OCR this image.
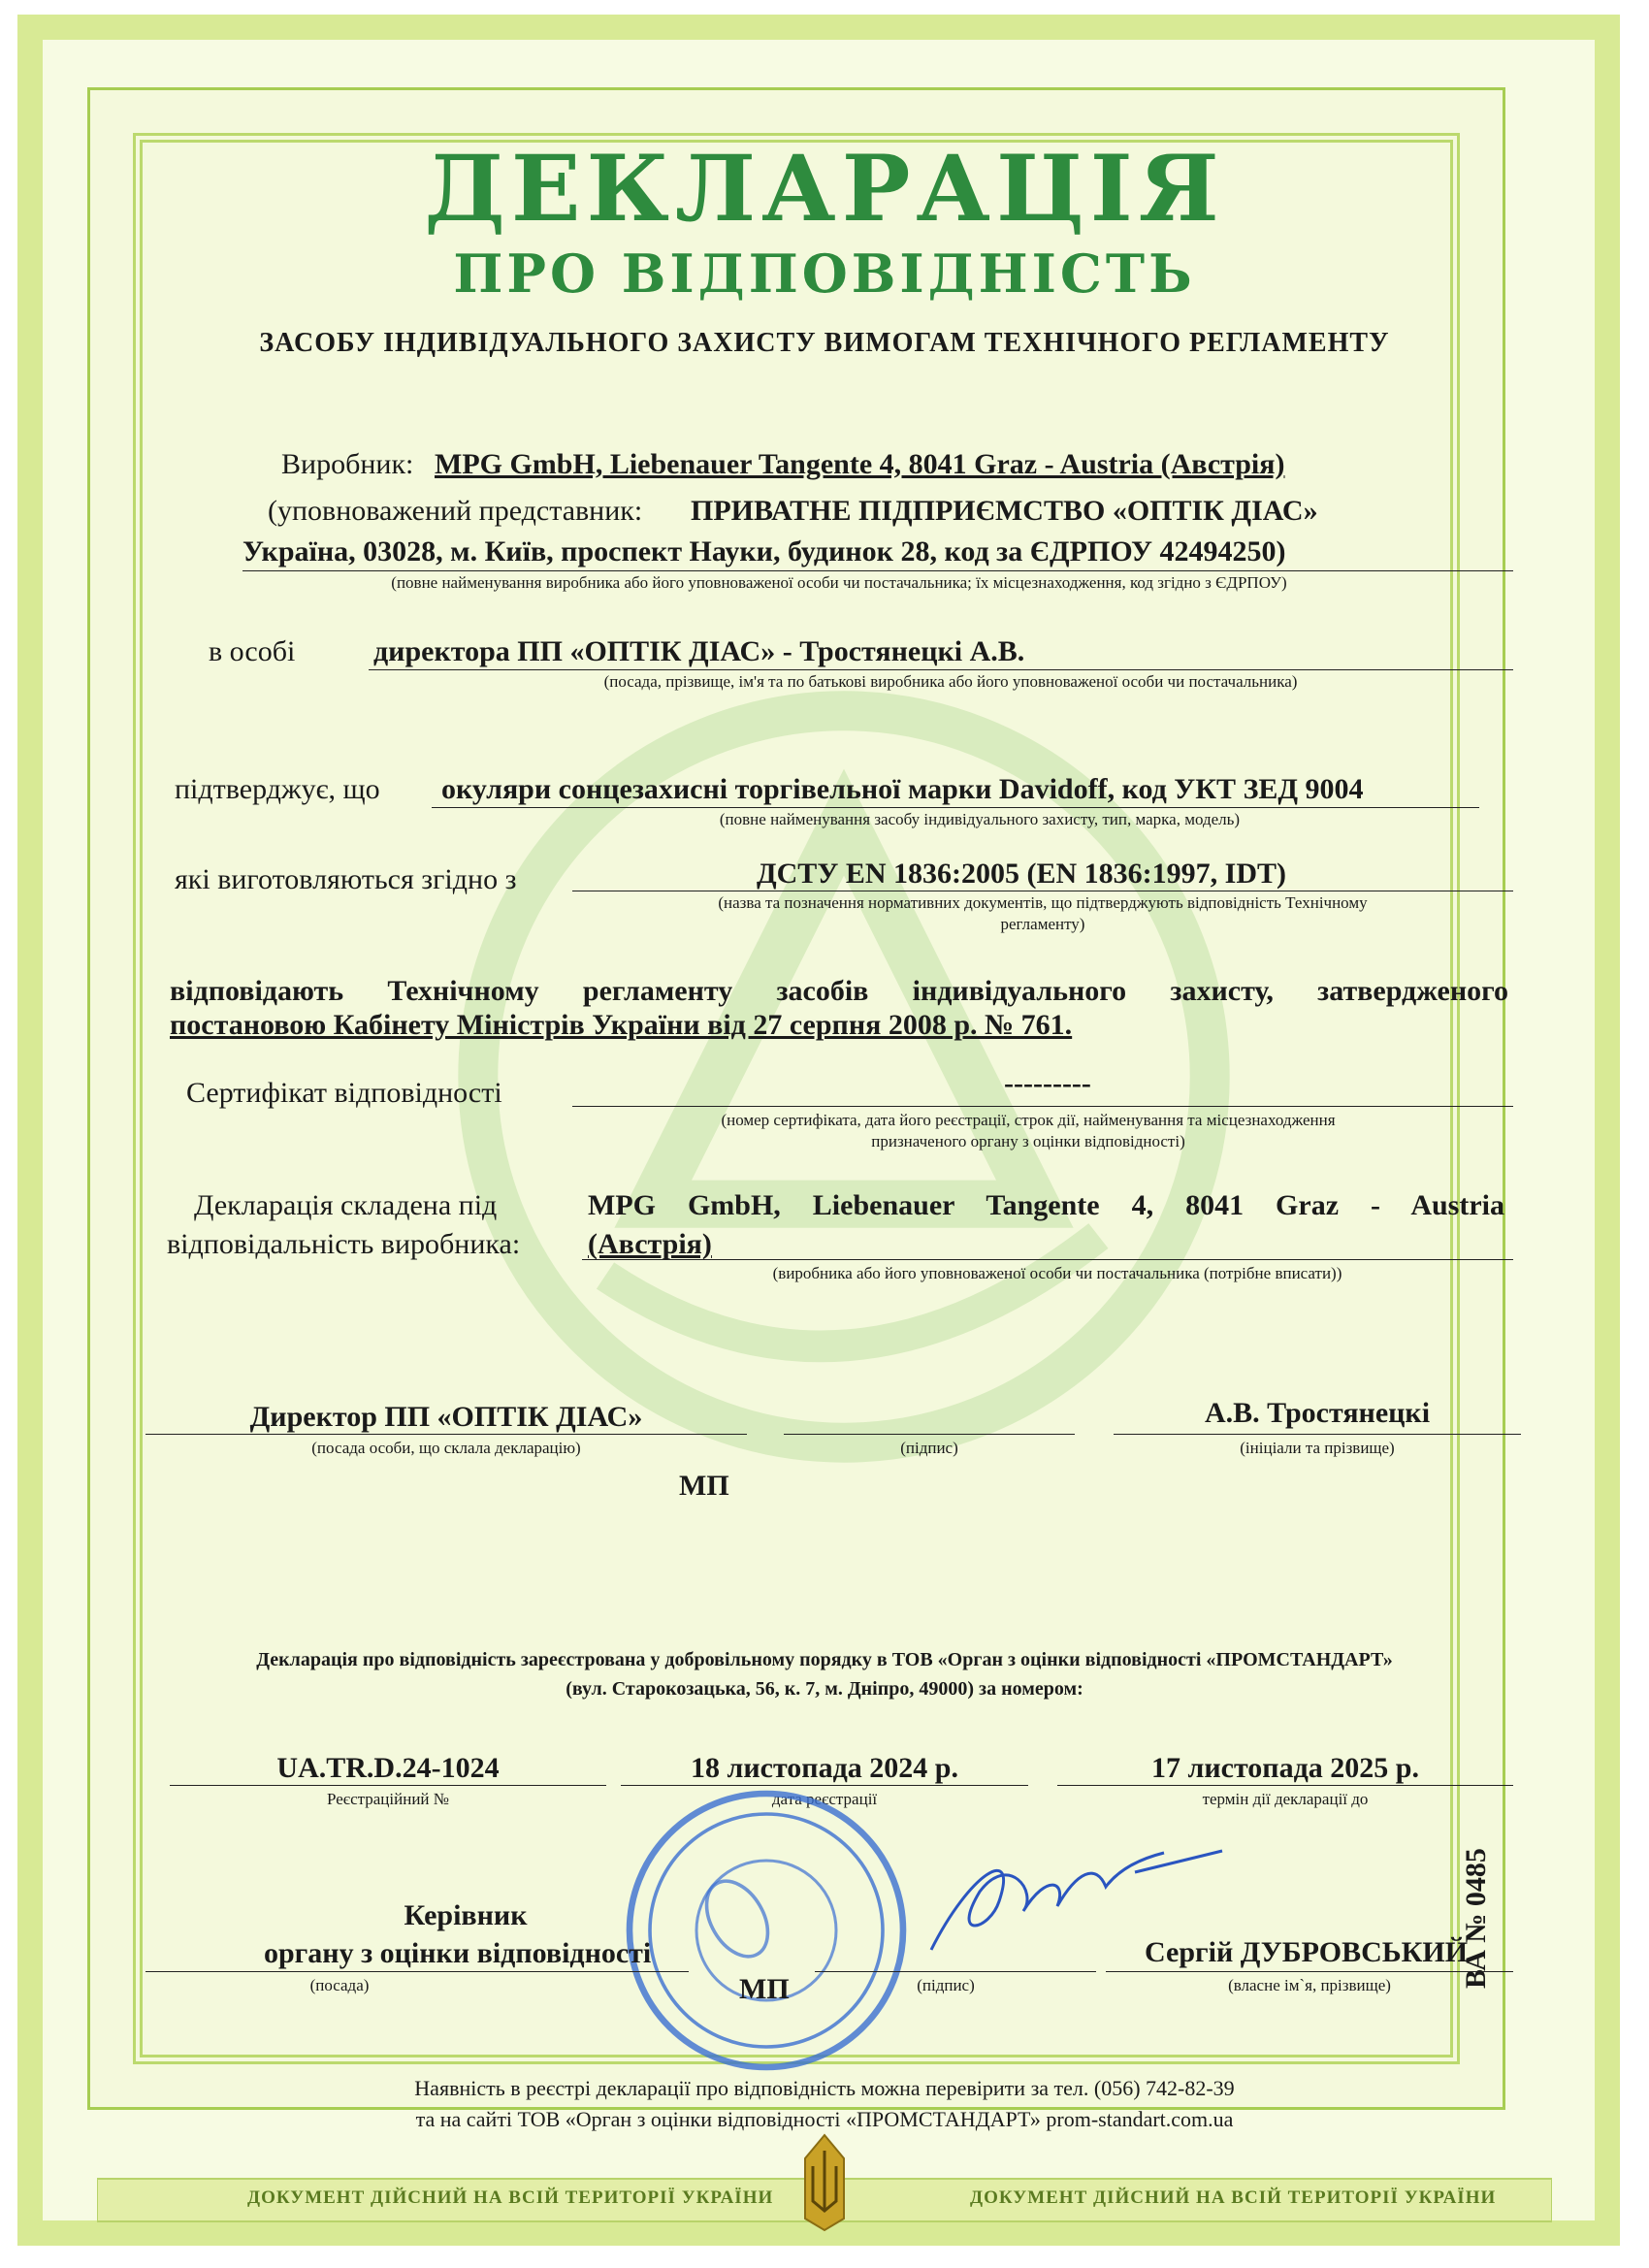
ДЕКЛАРАЦІЯ
ПРО ВІДПОВІДНІСТЬ
ЗАСОБУ ІНДИВІДУАЛЬНОГО ЗАХИСТУ ВИМОГАМ ТЕХНІЧНОГО РЕГЛАМЕНТУ
Виробник: MPG GmbH, Liebenauer Tangente 4, 8041 Graz - Austria (Австрія)
(уповноважений представник: ПРИВАТНЕ ПІДПРИЄМСТВО «ОПТІК ДІАС»
Україна, 03028, м. Київ, проспект Науки, будинок 28, код за ЄДРПОУ 42494250)
(повне найменування виробника або його уповноваженої особи чи постачальника; їх місцезнаходження, код згідно з ЄДРПОУ)
в особі	директора ПП «ОПТІК ДІАС» - Тростянецкі А.В.
(посада, прізвище, ім'я та по батькові виробника або його уповноваженої особи чи постачальника)
підтверджує, що окуляри сонцезахисні торгівельної марки Davidoff, код УКТ ЗЕД 9004
(повне найменування засобу індивідуального захисту, тип, марка, модель)
які виготовляються згідно з	ДСТУ EN 1836:2005 (EN 1836:1997, IDT)
(назва та позначення нормативних документів, що підтверджують відповідність Технічному
регламенту)
відповідають Технічному регламенту засобів індивідуального захисту, затвердженого
постановою Кабінету Міністрів України від 27 серпня 2008 р. № 761.
Сертифікат відповідності	---------
(номер сертифіката, дата його реєстрації, строк дії, найменування та місцезнаходження
призначеного органу з оцінки відповідності)
Декларація складена під
відповідальність виробника:
MPG GmbH, Liebenauer Tangente 4, 8041 Graz - Austria
(Австрія)
(виробника або його уповноваженої особи чи постачальника (потрібне вписати))
Директор ПП «ОПТІК ДІАС»
(посада особи, що склала декларацію)	(підпис)
А.В. Тростянецкі
(ініціали та прізвище)
МП
Декларація про відповідність зареєстрована у добровільному порядку в ТОВ «Орган з оцінки відповідності «ПРОМСТАНДАРТ»
(вул. Старокозацька, 56, к. 7, м. Дніпро, 49000) за номером:
UA.TR.D.24-1024
Реєстраційний №
18 листопада 2024 р.
дата реєстрації
17 листопада 2025 р.
термін дії декларації до
Керівник
органу з оцінки відповідності
(посада)	МП	(підпис)
Сергій ДУБРОВСЬКИЙ
(власне ім`я, прізвище)
Наявність в реєстрі декларації про відповідність можна перевірити за тел. (056) 742-82-39
та на сайті ТОВ «Орган з оцінки відповідності «ПРОМСТАНДАРТ» prom-standart.com.ua
ВА № 0485
ДОКУМЕНТ ДІЙСНИЙ НА ВСІЙ ТЕРИТОРІЇ УКРАЇНИ	ДОКУМЕНТ ДІЙСНИЙ НА ВСІЙ ТЕРИТОРІЇ УКРАЇНИ
